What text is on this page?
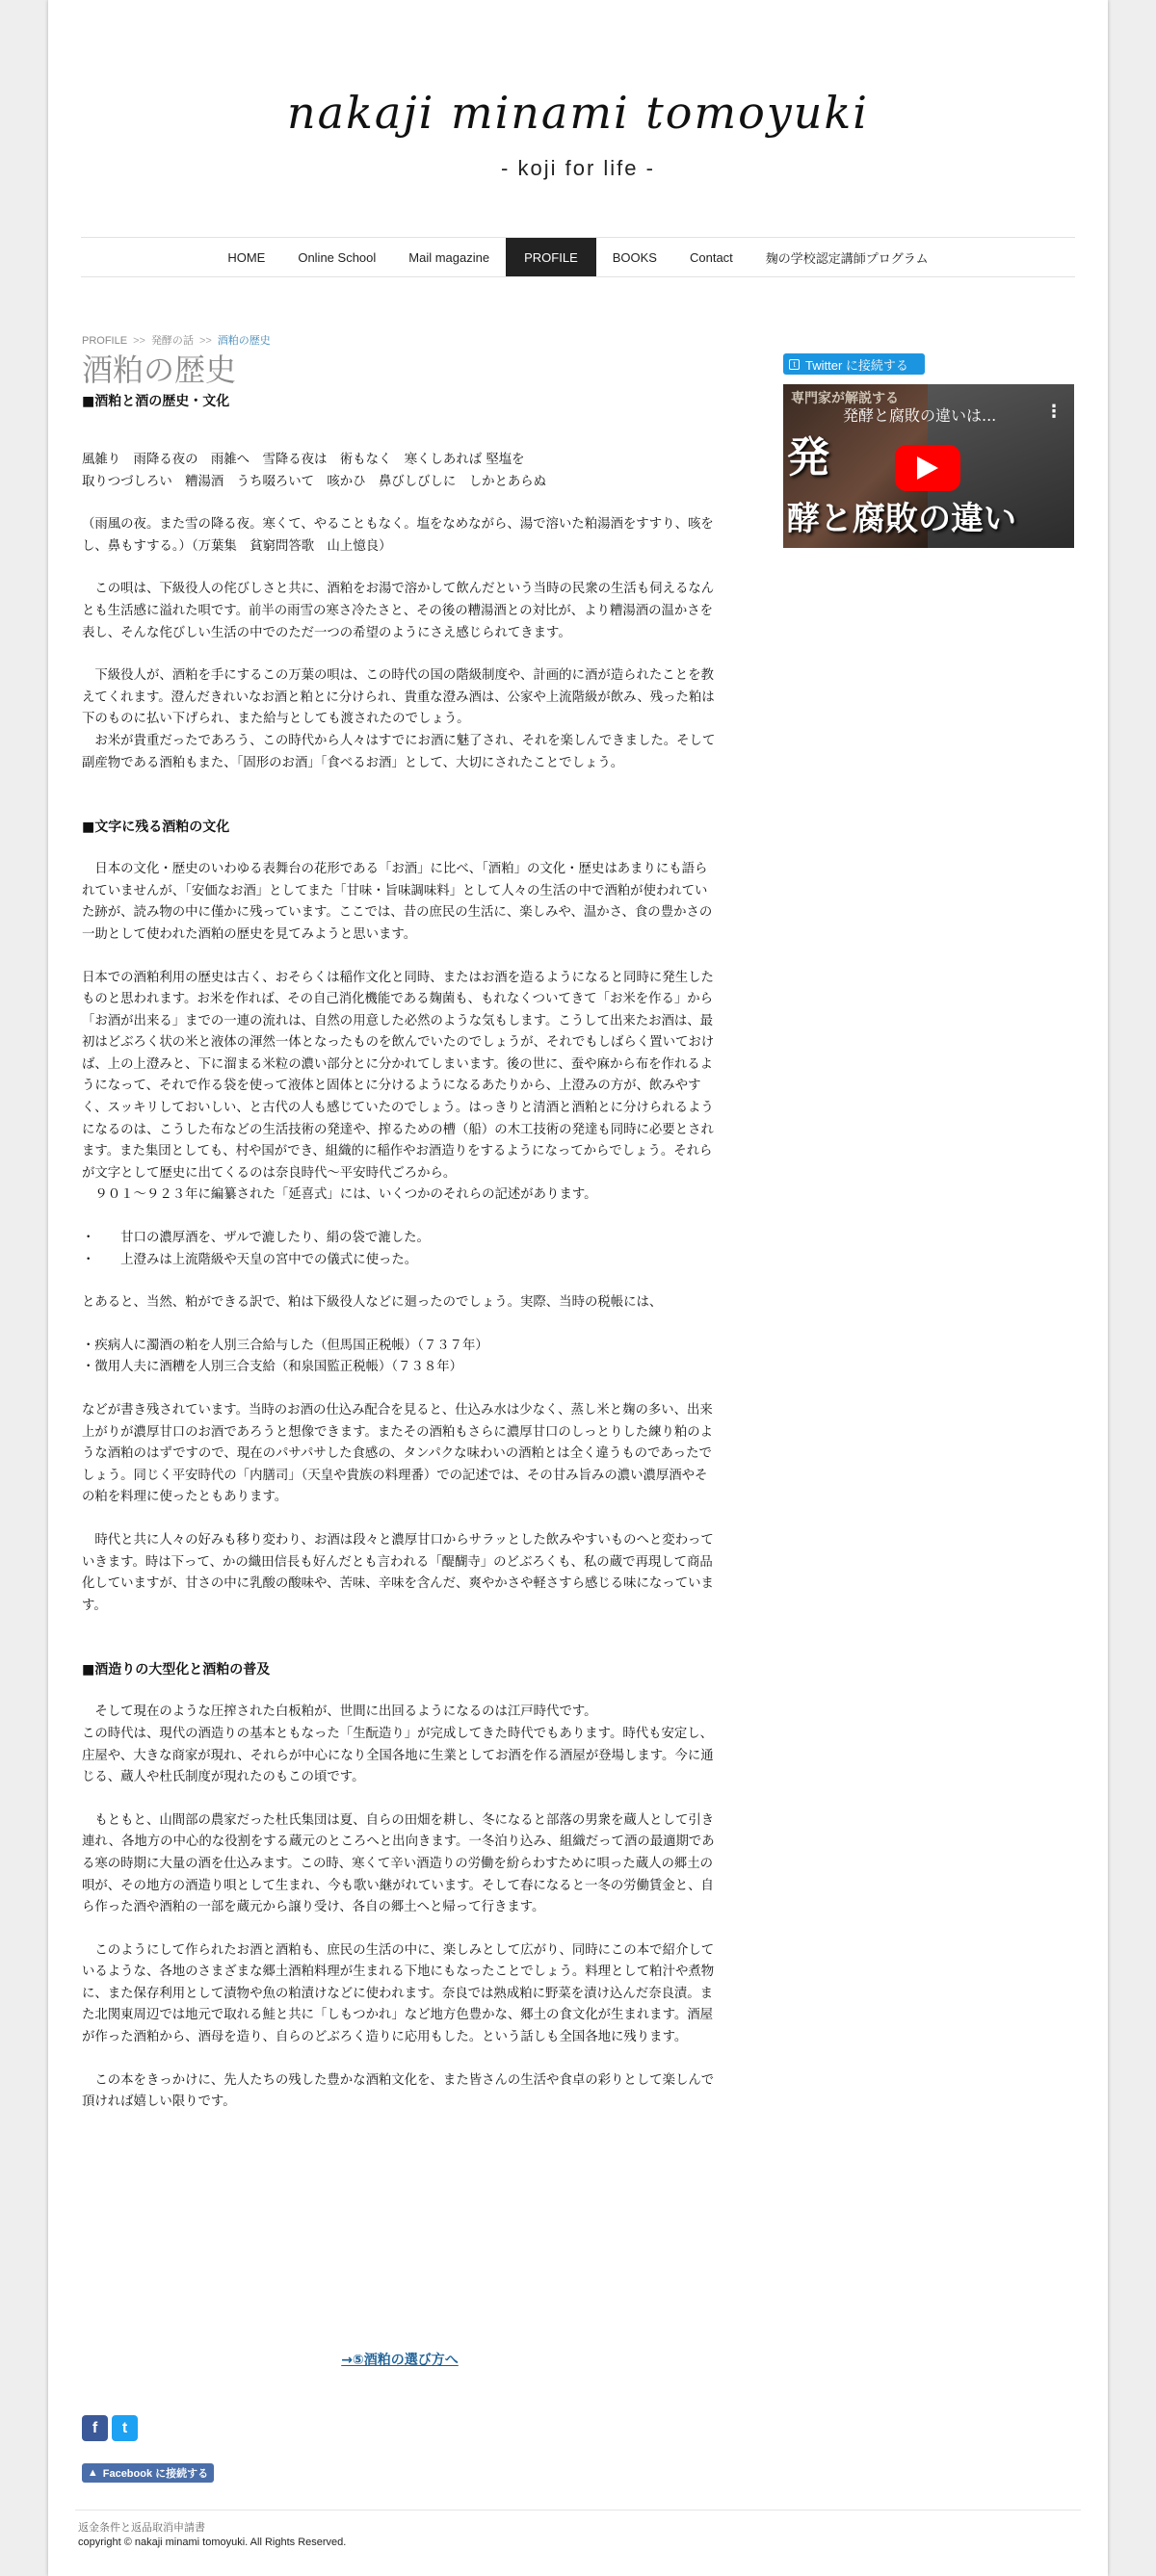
nakaji minami tomoyuki
- koji for life -
HOME	Online School	Mail magazine	PROFILE	BOOKS	Contact	麹の学校認定講師プログラム
PROFILE >> 発酵の話 >> 酒粕の歴史
酒粕の歴史
■酒粕と酒の歴史・文化

風雑り　雨降る夜の　雨雑へ　雪降る夜は　術もなく　寒くしあれば 堅塩を

取りつづしろい　糟湯酒　うち啜ろいて　咳かひ　鼻びしびしに　しかとあらぬ

（雨風の夜。また雪の降る夜。寒くて、やることもなく。塩をなめながら、湯で溶いた粕湯酒をすすり、咳をし、鼻もすする。）（万葉集　貧窮問答歌　山上憶良）

　この唄は、下級役人の侘びしさと共に、酒粕をお湯で溶かして飲んだという当時の民衆の生活も伺えるなんとも生活感に溢れた唄です。前半の雨雪の寒さ冷たさと、その後の糟湯酒との対比が、より糟湯酒の温かさを表し、そんな侘びしい生活の中でのただ一つの希望のようにさえ感じられてきます。

　下級役人が、酒粕を手にするこの万葉の唄は、この時代の国の階級制度や、計画的に酒が造られたことを教えてくれます。澄んだきれいなお酒と粕とに分けられ、貴重な澄み酒は、公家や上流階級が飲み、残った粕は下のものに払い下げられ、また給与としても渡されたのでしょう。

　お米が貴重だったであろう、この時代から人々はすでにお酒に魅了され、それを楽しんできました。そして副産物である酒粕もまた、「固形のお酒」「食べるお酒」として、大切にされたことでしょう。

■文字に残る酒粕の文化

　日本の文化・歴史のいわゆる表舞台の花形である「お酒」に比べ、「酒粕」の文化・歴史はあまりにも語られていませんが、「安価なお酒」としてまた「甘味・旨味調味料」として人々の生活の中で酒粕が使われていた跡が、読み物の中に僅かに残っています。ここでは、昔の庶民の生活に、楽しみや、温かさ、食の豊かさの一助として使われた酒粕の歴史を見てみようと思います。

日本での酒粕利用の歴史は古く、おそらくは稲作文化と同時、またはお酒を造るようになると同時に発生したものと思われます。お米を作れば、その自己消化機能である麹菌も、もれなくついてきて「お米を作る」から「お酒が出来る」までの一連の流れは、自然の用意した必然のような気もします。こうして出来たお酒は、最初はどぶろく状の米と液体の渾然一体となったものを飲んでいたのでしょうが、それでもしばらく置いておけば、上の上澄みと、下に溜まる米粒の濃い部分とに分かれてしまいます。後の世に、蚕や麻から布を作れるようになって、それで作る袋を使って液体と固体とに分けるようになるあたりから、上澄みの方が、飲みやすく、スッキリしておいしい、と古代の人も感じていたのでしょう。はっきりと清酒と酒粕とに分けられるようになるのは、こうした布などの生活技術の発達や、搾るための槽（船）の木工技術の発達も同時に必要とされます。また集団としても、村や国ができ、組織的に稲作やお酒造りをするようになってからでしょう。それらが文字として歴史に出てくるのは奈良時代〜平安時代ごろから。

　９０１〜９２３年に編纂された「延喜式」には、いくつかのそれらの記述があります。

・　　甘口の濃厚酒を、ザルで漉したり、絹の袋で漉した。

・　　上澄みは上流階級や天皇の宮中での儀式に使った。

とあると、当然、粕ができる訳で、粕は下級役人などに廻ったのでしょう。実際、当時の税帳には、

・疾病人に濁酒の粕を人別三合給与した（但馬国正税帳）（７３７年）

・徴用人夫に酒糟を人別三合支給（和泉国監正税帳）（７３８年）

などが書き残されています。当時のお酒の仕込み配合を見ると、仕込み水は少なく、蒸し米と麹の多い、出来上がりが濃厚甘口のお酒であろうと想像できます。またその酒粕もさらに濃厚甘口のしっとりした練り粕のような酒粕のはずですので、現在のパサパサした食感の、タンパクな味わいの酒粕とは全く違うものであったでしょう。同じく平安時代の「内膳司」（天皇や貴族の料理番）での記述では、その甘み旨みの濃い濃厚酒やその粕を料理に使ったともあります。

　時代と共に人々の好みも移り変わり、お酒は段々と濃厚甘口からサラッとした飲みやすいものへと変わっていきます。時は下って、かの織田信長も好んだとも言われる「醍醐寺」のどぶろくも、私の蔵で再現して商品化していますが、甘さの中に乳酸の酸味や、苦味、辛味を含んだ、爽やかさや軽さすら感じる味になっています。

■酒造りの大型化と酒粕の普及

　そして現在のような圧搾された白板粕が、世間に出回るようになるのは江戸時代です。

この時代は、現代の酒造りの基本ともなった「生酛造り」が完成してきた時代でもあります。時代も安定し、庄屋や、大きな商家が現れ、それらが中心になり全国各地に生業としてお酒を作る酒屋が登場します。今に通じる、蔵人や杜氏制度が現れたのもこの頃です。

　もともと、山間部の農家だった杜氏集団は夏、自らの田畑を耕し、冬になると部落の男衆を蔵人として引き連れ、各地方の中心的な役割をする蔵元のところへと出向きます。一冬泊り込み、組織だって酒の最適期である寒の時期に大量の酒を仕込みます。この時、寒くて辛い酒造りの労働を紛らわすために唄った蔵人の郷土の唄が、その地方の酒造り唄として生まれ、今も歌い継がれています。そして春になると一冬の労働賃金と、自ら作った酒や酒粕の一部を蔵元から譲り受け、各自の郷土へと帰って行きます。

　このようにして作られたお酒と酒粕も、庶民の生活の中に、楽しみとして広がり、同時にこの本で紹介しているような、各地のさまざまな郷土酒粕料理が生まれる下地にもなったことでしょう。料理として粕汁や煮物に、また保存利用として漬物や魚の粕漬けなどに使われます。奈良では熟成粕に野菜を漬け込んだ奈良漬。また北関東周辺では地元で取れる鮭と共に「しもつかれ」など地方色豊かな、郷土の食文化が生まれます。酒屋が作った酒粕から、酒母を造り、自らのどぶろく造りに応用もした。という話しも全国各地に残ります。

　この本をきっかけに、先人たちの残した豊かな酒粕文化を、また皆さんの生活や食卓の彩りとして楽しんで頂ければ嬉しい限りです。

→⑤酒粕の選び方へ
f	t
▲ Facebook に接続する
返金条件と返品取消申請書
copyright © nakaji minami tomoyuki. All Rights Reserved.
t Twitter に接続する
専門家が解説する
発酵と腐敗の違いは...	⋮
発
酵と腐敗の違い
